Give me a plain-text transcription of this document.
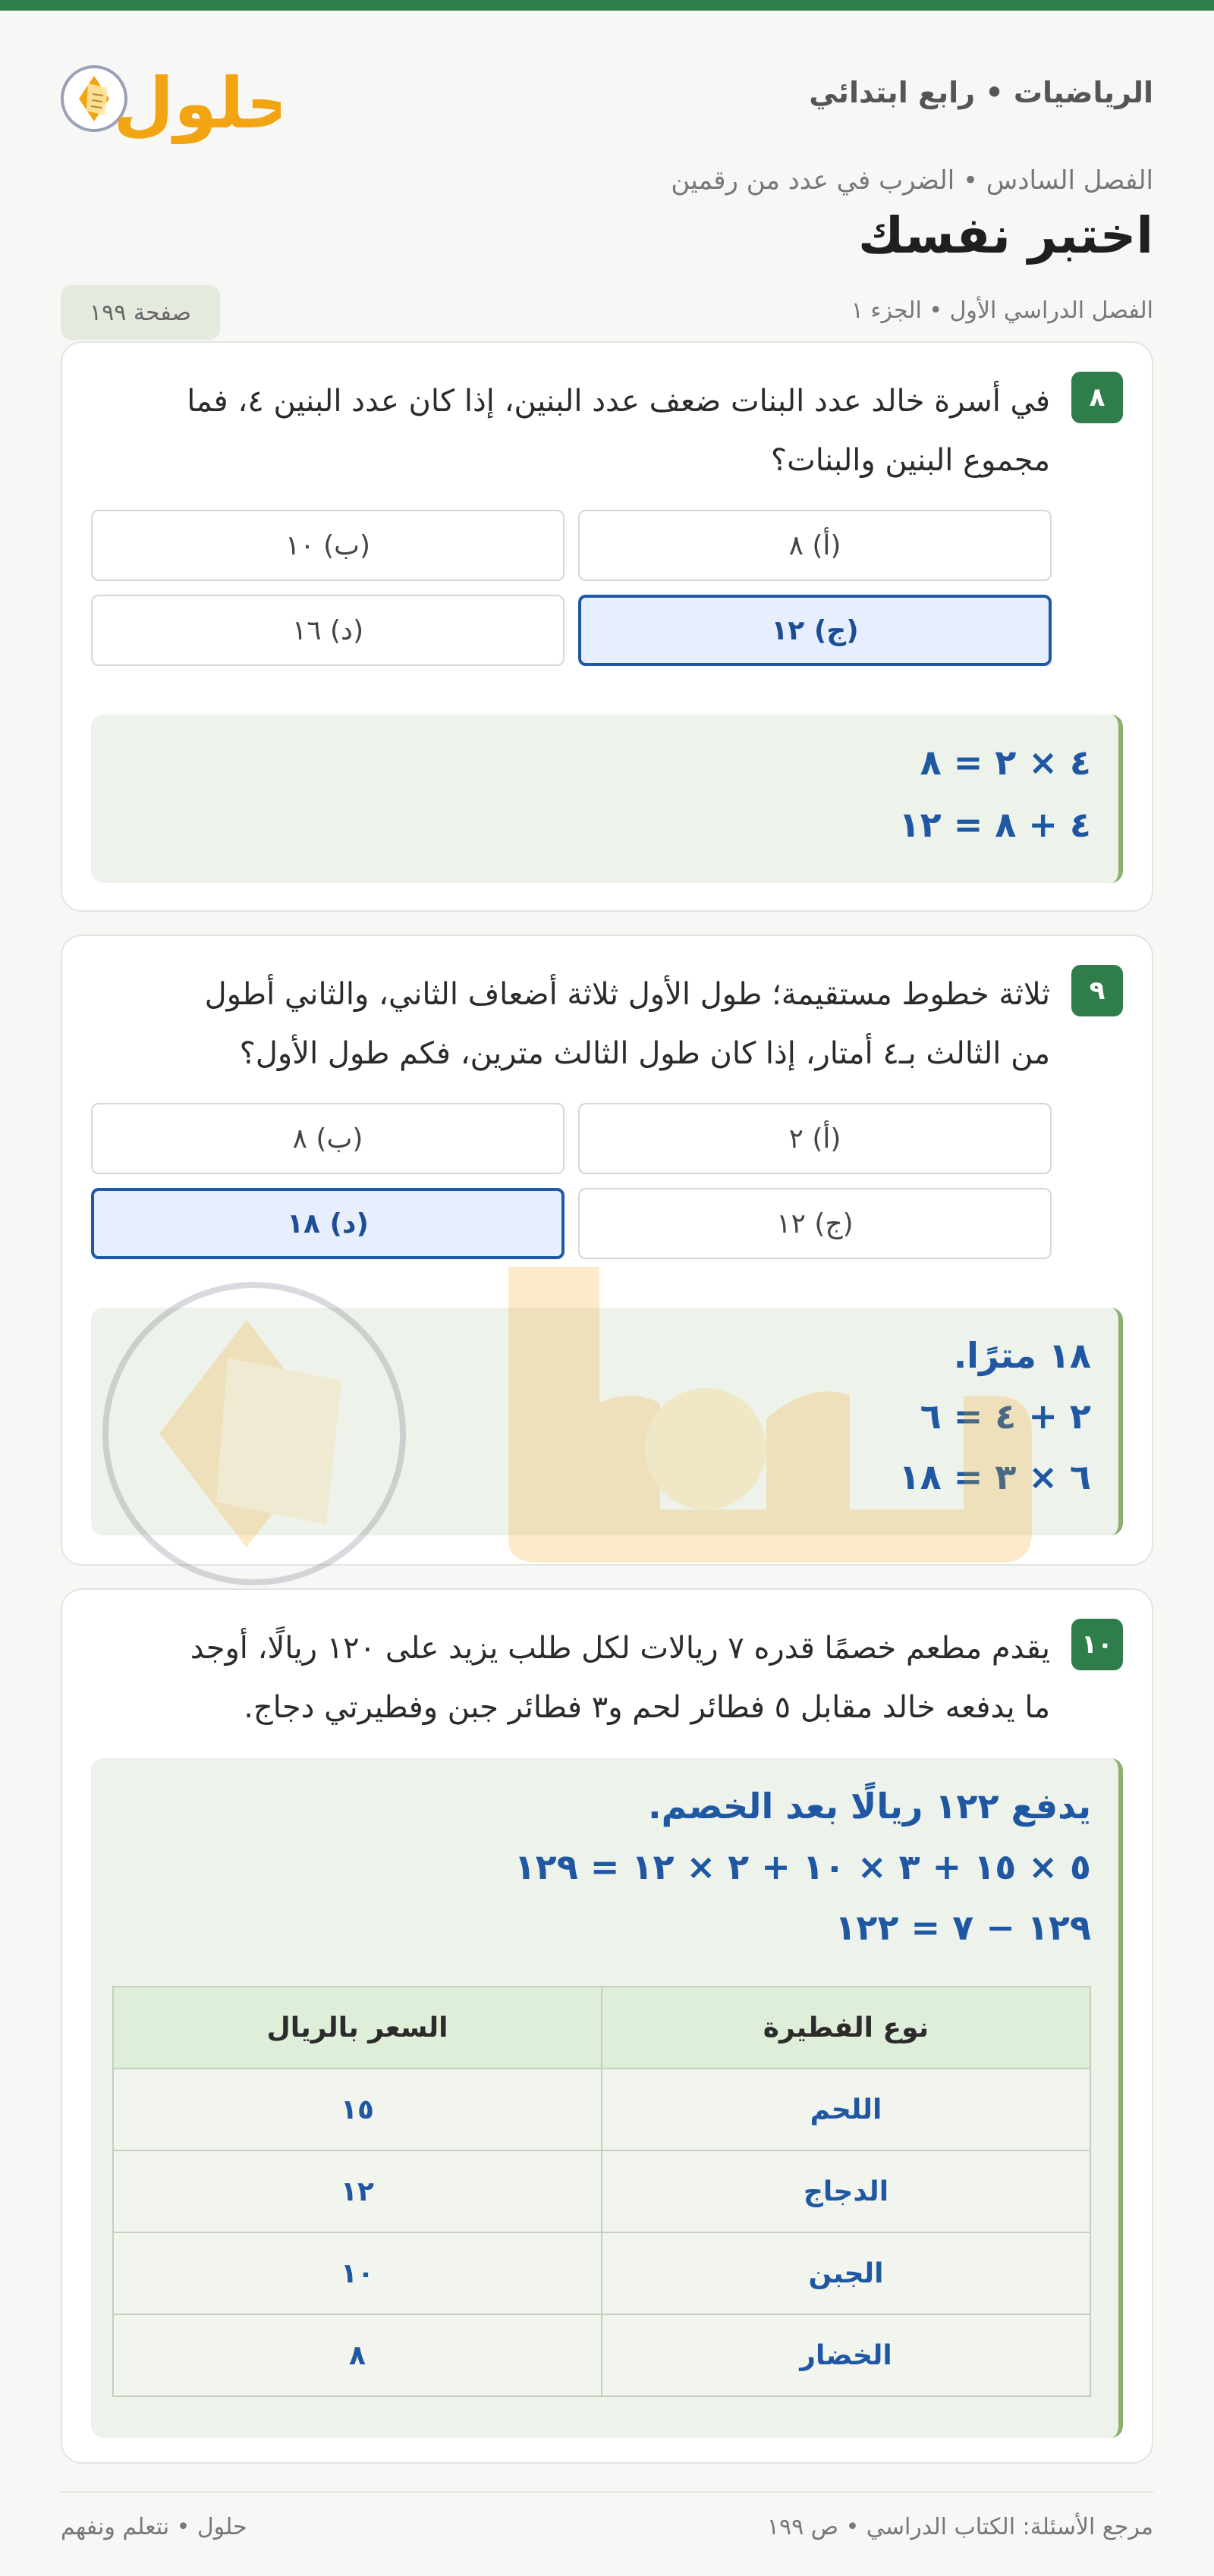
الرياضيات • رابع ابتدائي
حلول
الفصل السادس • الضرب في عدد من رقمين
اختبر نفسك
الفصل الدراسي الأول • الجزء ١
صفحة ١٩٩
٨
في أسرة خالد عدد البنات ضعف عدد البنين، إذا كان عدد البنين ٤، فما مجموع البنين والبنات؟
(أ) ٨
(ب) ١٠
(ج) ١٢
(د) ١٦
٤ × ٢ = ٨
٤ + ٨ = ١٢
٩
ثلاثة خطوط مستقيمة؛ طول الأول ثلاثة أضعاف الثاني، والثاني أطول من الثالث بـ٤ أمتار، إذا كان طول الثالث مترين، فكم طول الأول؟
(أ) ٢
(ب) ٨
(ج) ١٢
(د) ١٨
١٨ مترًا.
٢ + ٤ = ٦
٦ × ٣ = ١٨
١٠
يقدم مطعم خصمًا قدره ٧ ريالات لكل طلب يزيد على ١٢٠ ريالًا، أوجد ما يدفعه خالد مقابل ٥ فطائر لحم و٣ فطائر جبن وفطيرتي دجاج.
يدفع ١٢٢ ريالًا بعد الخصم.
٥ × ١٥ + ٣ × ١٠ + ٢ × ١٢ = ١٢٩
١٢٩ − ٧ = ١٢٢
نوع الفطيرة	السعر بالريال
اللحم	١٥
الدجاج	١٢
الجبن	١٠
الخضار	٨
مرجع الأسئلة: الكتاب الدراسي • ص ١٩٩
حلول • نتعلم ونفهم
